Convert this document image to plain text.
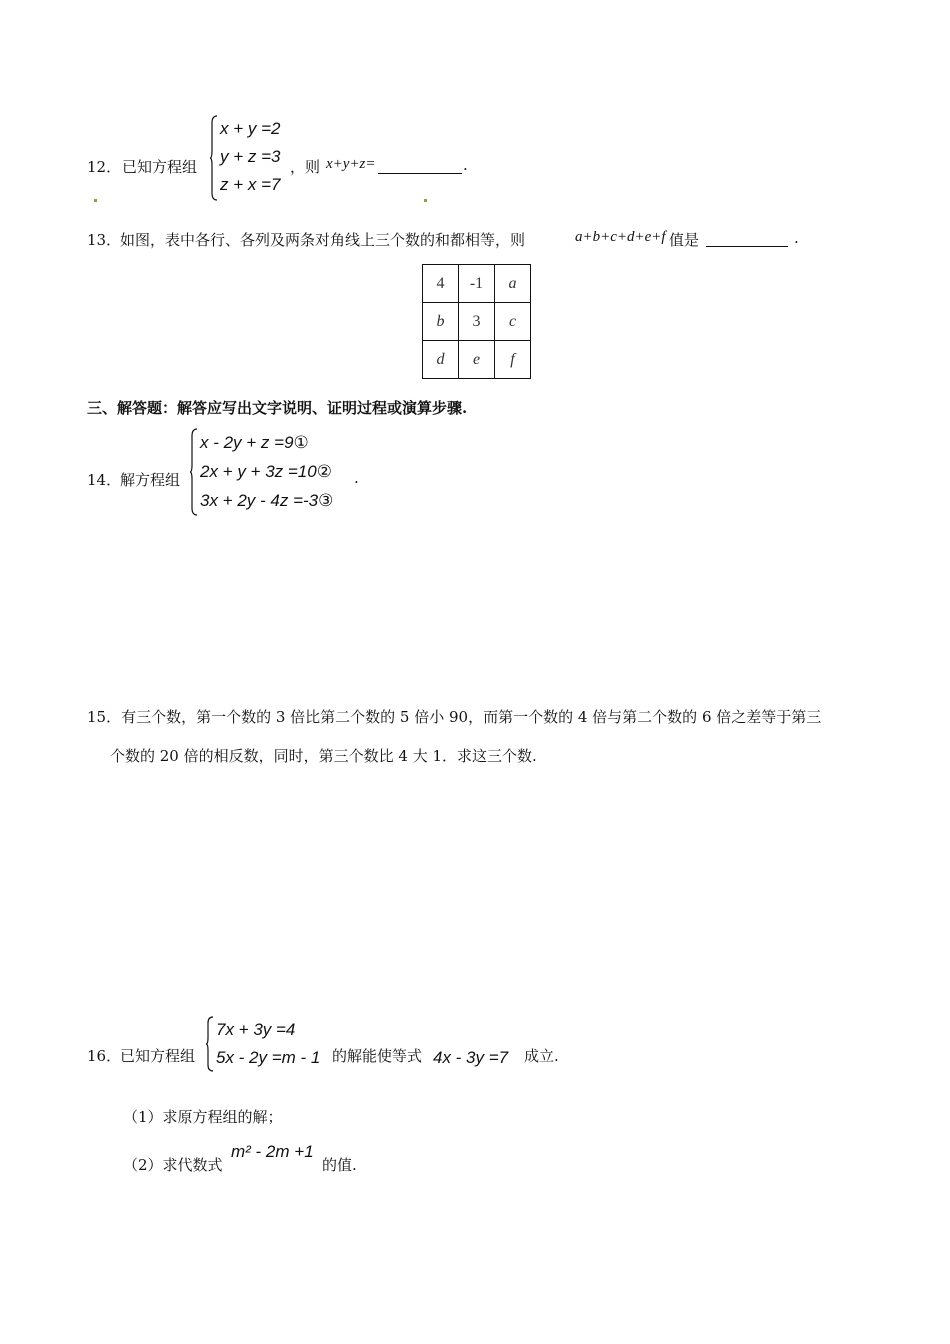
12． 已知方程组
x + y =2
y + z =3
z + x =7
，则 x+y+z=	.
13．
如图，表中各行、各列及两条对角线上三个数的和都相等，则	a+b+c+d+e+f 值是	.
4	-1	a
b	3	c
d	e	f
三、解答题：解答应写出文字说明、证明过程或演算步骤.
14．
解方程组
x - 2y + z =9①
2x + y + 3z =10②
3x + 2y - 4z =-3③
.
15．有三个数，第一个数的 3 倍比第二个数的 5 倍小 90，而第一个数的 4 倍与第二个数的 6 倍之差等于第三
个数的 20 倍的相反数，同时，第三个数比 4 大 1．求这三个数.
16．
已知方程组
7x + 3y =4
5x - 2y =m - 1 的解能使等式 4x - 3y =7 成立.
（1）求原方程组的解；
（2）求代数式
m² - 2m +1
的值.
